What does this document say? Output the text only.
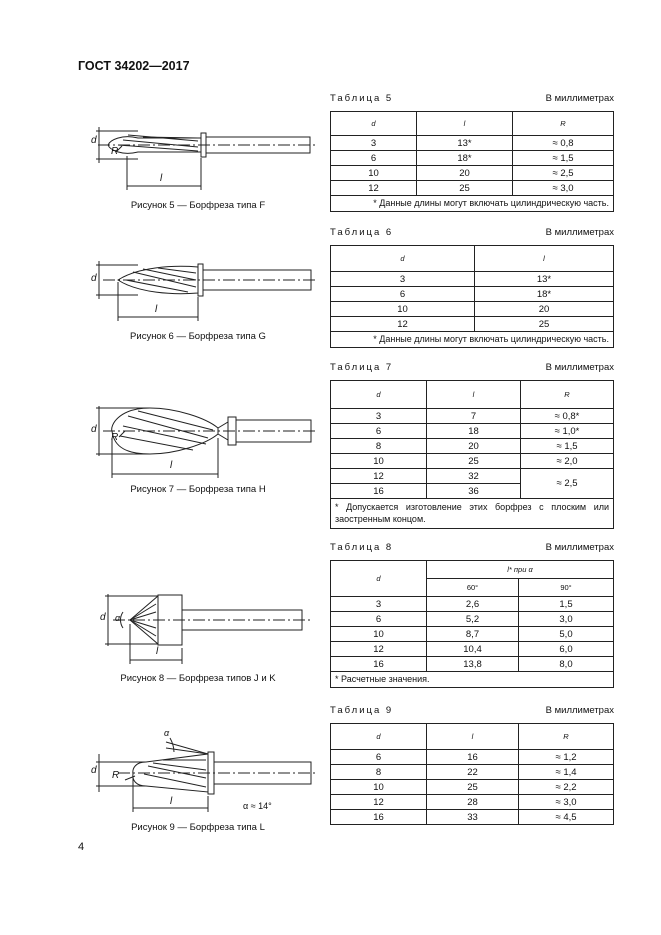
ГОСТ 34202—2017
d
R
l
Рисунок 5 — Борфреза типа F
d
l
Рисунок 6 — Борфреза типа G
d
R
l
Рисунок 7 — Борфреза типа H
d α
l
Рисунок 8 — Борфреза типов J и K
α
d R
l	α ≈ 14°
Рисунок 9 — Борфреза типа L
Таблица 5	В миллиметрах
d	l	R
3	13*	≈ 0,8
6	18*	≈ 1,5
10	20	≈ 2,5
12	25	≈ 3,0
* Данные длины могут включать цилиндрическую часть.		
Таблица 6	В миллиметрах
d	l
3	13*
6	18*
10	20
12	25
* Данные длины могут включать цилиндрическую часть.	
Таблица 7	В миллиметрах
d	l	R
3	7	≈ 0,8*
6	18	≈ 1,0*
8	20	≈ 1,5
10	25	≈ 2,0
12	32	≈ 2,5
16	36	
* Допускается изготовление этих борфрез с плоским или заостренным концом.		
Таблица 8	В миллиметрах
d	l* при α	
	60°	90°
3	2,6	1,5
6	5,2	3,0
10	8,7	5,0
12	10,4	6,0
16	13,8	8,0
* Расчетные значения.		
Таблица 9	В миллиметрах
d	l	R
6	16	≈ 1,2
8	22	≈ 1,4
10	25	≈ 2,2
12	28	≈ 3,0
16	33	≈ 4,5
4
